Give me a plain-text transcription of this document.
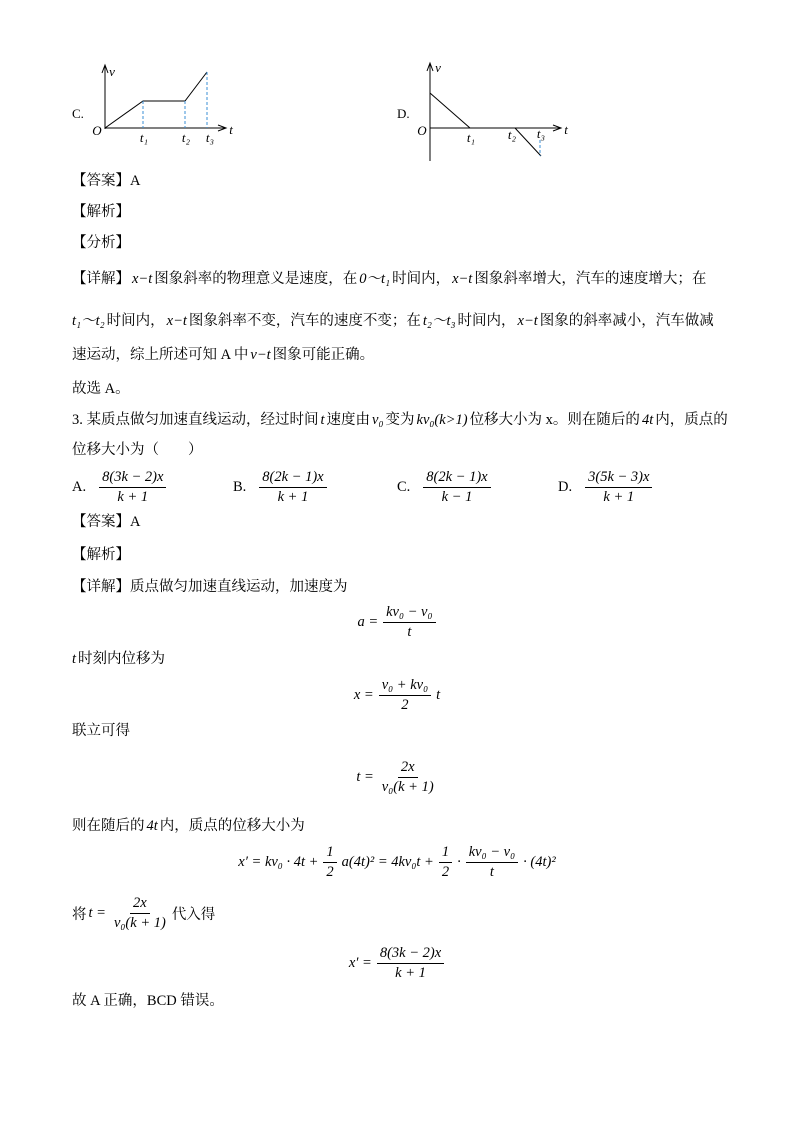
C.
O
v
t
t₁	t₂ t₃
D.
O
v
t
t₁	t₂ t₃
【答案】A
【解析】
【分析】
【详解】 x−t 图象斜率的物理意义是速度，在 0～t₁ 时间内， x−t 图象斜率增大，汽车的速度增大；在
t₁～t₂ 时间内， x−t 图象斜率不变，汽车的速度不变；在 t₂～t₃ 时间内， x−t 图象的斜率减小，汽车做减
速运动，综上所述可知 A 中 v−t 图象可能正确。
故选 A。
3. 某质点做匀加速直线运动，经过时间 t 速度由 v₀ 变为 kv₀(k>1) 位移大小为 x。则在随后的 4t 内，质点的
位移大小为（　　）
A. $\frac{8(3k - 2)x}{k + 1}$	B. $\frac{8(2k - 1)x}{k + 1}$	C. $\frac{8(2k - 1)x}{k - 1}$	D. $\frac{3(5k - 3)x}{k + 1}$
【答案】A
【解析】
【详解】质点做匀加速直线运动，加速度为
$a = \frac{\text{kv₀ − v₀}}{t}$
t 时刻内位移为
$x = \frac{\text{v₀ + kv₀}}{2}$ t
联立可得
$t = \frac{2x}{\text{v₀(k + 1)}}$
则在随后的 4t 内，质点的位移大小为
$x' = kv_0 \cdot 4t + \frac{1}{2} a(4t)^2 = 4kv_0t + \frac{1}{2} \cdot \frac{\text{kv₀ − v₀}}{t} \cdot (4t)^2$
将 $t = \frac{2x}{\text{v₀(k + 1)}}$ 代入得
$x' = \frac{8(3k - 2)x}{k + 1}$
故 A 正确，BCD 错误。
